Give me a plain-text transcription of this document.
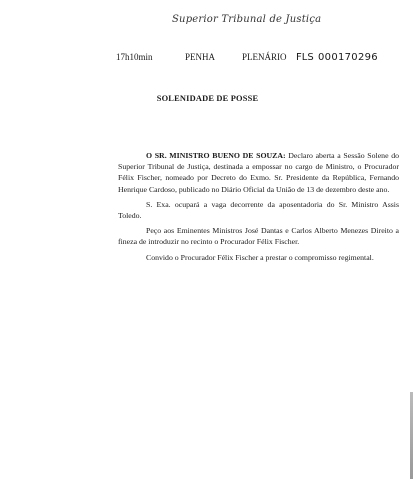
Superior Tribunal de Justiça
17h10min	PENHA	PLENÁRIO FLS 000170296
SOLENIDADE DE POSSE

O SR. MINISTRO BUENO DE SOUZA: Declaro aberta a Sessão Solene do Superior Tribunal de Justiça, destinada a empossar no cargo de Ministro, o Procurador Félix Fischer, nomeado por Decreto do Exmo. Sr. Presidente da República, Fernando Henrique Cardoso, publicado no Diário Oficial da União de 13 de dezembro deste ano.

S. Exa. ocupará a vaga decorrente da aposentadoria do Sr. Ministro Assis Toledo.

Peço aos Eminentes Ministros José Dantas e Carlos Alberto Menezes Direito a fineza de introduzir no recinto o Procurador Félix Fischer.

Convido o Procurador Félix Fischer a prestar o compromisso regimental.
